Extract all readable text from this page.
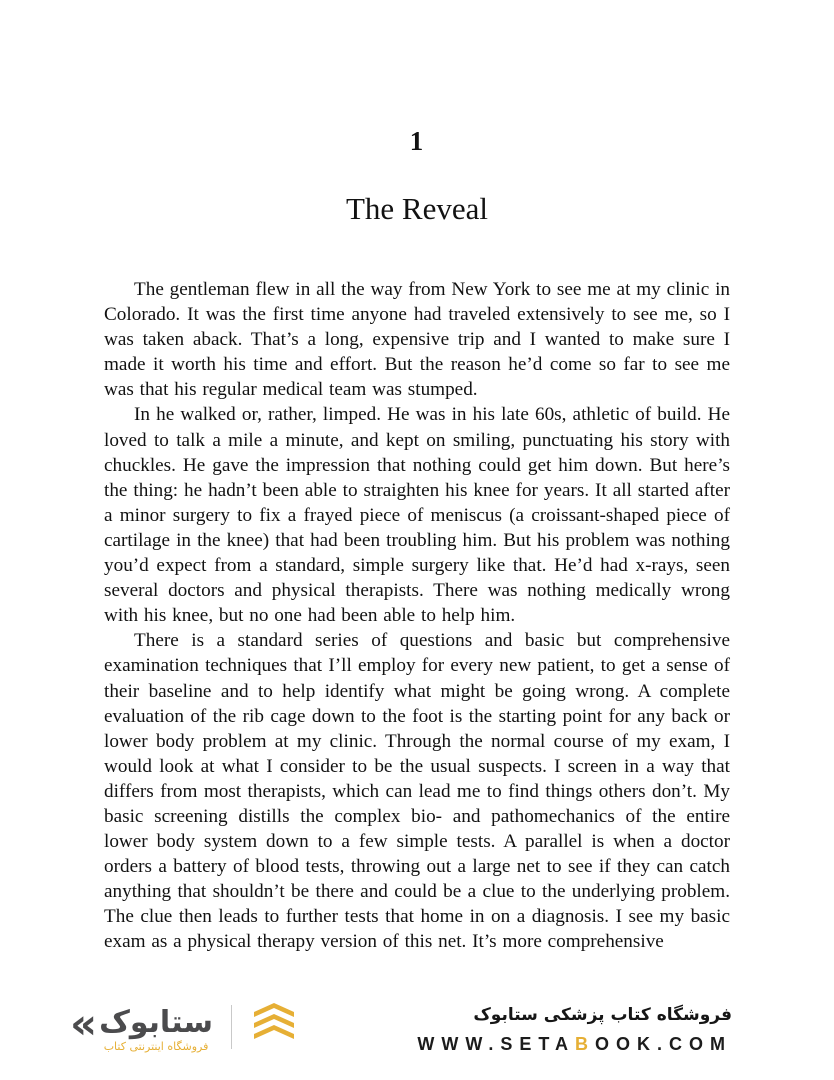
1
The Reveal

The gentleman flew in all the way from New York to see me at my clinic in Colorado. It was the first time anyone had traveled extensively to see me, so I was taken aback. That’s a long, expensive trip and I wanted to make sure I made it worth his time and effort. But the reason he’d come so far to see me was that his regular medical team was stumped.

In he walked or, rather, limped. He was in his late 60s, athletic of build. He loved to talk a mile a minute, and kept on smiling, punctuating his story with chuckles. He gave the impression that nothing could get him down. But here’s the thing: he hadn’t been able to straighten his knee for years. It all started after a minor surgery to fix a frayed piece of meniscus (a croissant-shaped piece of cartilage in the knee) that had been troubling him. But his problem was nothing you’d expect from a standard, simple surgery like that. He’d had x-rays, seen several doctors and physical therapists. There was nothing medically wrong with his knee, but no one had been able to help him.

There is a standard series of questions and basic but comprehensive examination techniques that I’ll employ for every new patient, to get a sense of their baseline and to help identify what might be going wrong. A complete evaluation of the rib cage down to the foot is the starting point for any back or lower body problem at my clinic. Through the normal course of my exam, I would look at what I consider to be the usual suspects. I screen in a way that differs from most therapists, which can lead me to find things others don’t. My basic screening distills the complex bio- and pathomechanics of the entire lower body system down to a few simple tests. A parallel is when a doctor orders a battery of blood tests, throwing out a large net to see if they can catch anything that shouldn’t be there and could be a clue to the underlying problem. The clue then leads to further tests that home in on a diagnosis. I see my basic exam as a physical therapy version of this net. It’s more comprehensive

« ستابوک
فروشگاه اینترنتی کتاب
فروشگاه کتاب پزشکی ستابوک
WWW.SETABOOK.COM
